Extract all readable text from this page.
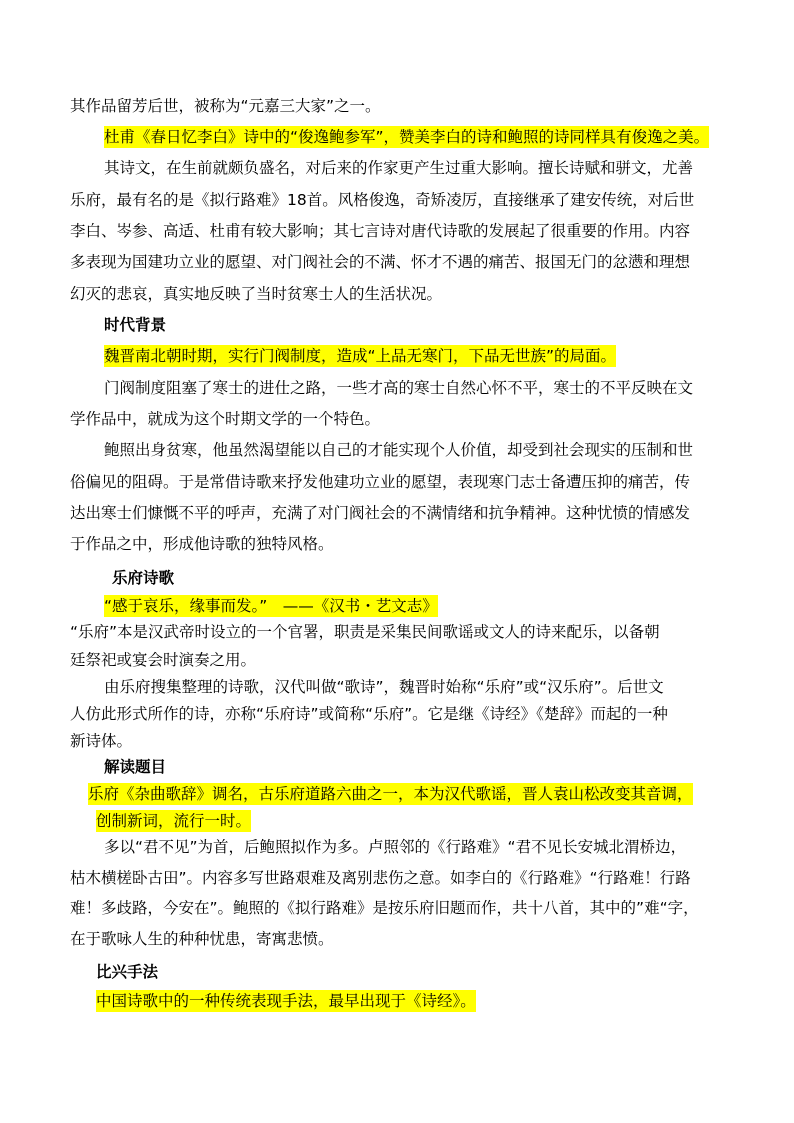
其作品留芳后世，被称为“元嘉三大家”之一。
杜甫《春日忆李白》诗中的“俊逸鲍参军”，赞美李白的诗和鲍照的诗同样具有俊逸之美。
其诗文，在生前就颇负盛名，对后来的作家更产生过重大影响。擅长诗赋和骈文，尤善
乐府，最有名的是《拟行路难》18首。风格俊逸，奇矫凌厉，直接继承了建安传统，对后世
李白、岑参、高适、杜甫有较大影响；其七言诗对唐代诗歌的发展起了很重要的作用。内容
多表现为国建功立业的愿望、对门阀社会的不满、怀才不遇的痛苦、报国无门的忿懑和理想
幻灭的悲哀，真实地反映了当时贫寒士人的生活状况。
时代背景
魏晋南北朝时期，实行门阀制度，造成“上品无寒门，下品无世族”的局面。
门阀制度阻塞了寒士的进仕之路，一些才高的寒士自然心怀不平，寒士的不平反映在文
学作品中，就成为这个时期文学的一个特色。
鲍照出身贫寒，他虽然渴望能以自己的才能实现个人价值，却受到社会现实的压制和世
俗偏见的阻碍。于是常借诗歌来抒发他建功立业的愿望，表现寒门志士备遭压抑的痛苦，传
达出寒士们慷慨不平的呼声，充满了对门阀社会的不满情绪和抗争精神。这种忧愤的情感发
于作品之中，形成他诗歌的独特风格。
乐府诗歌
“感于哀乐，缘事而发。”　——《汉书・艺文志》
“乐府”本是汉武帝时设立的一个官署，职责是采集民间歌谣或文人的诗来配乐，以备朝
廷祭祀或宴会时演奏之用。
由乐府搜集整理的诗歌，汉代叫做“歌诗”，魏晋时始称“乐府”或“汉乐府”。后世文
人仿此形式所作的诗，亦称“乐府诗”或简称“乐府”。它是继《诗经》《楚辞》而起的一种
新诗体。
解读题目
乐府《杂曲歌辞》调名，古乐府道路六曲之一，本为汉代歌谣，晋人袁山松改变其音调，
创制新词，流行一时。
多以“君不见”为首，后鲍照拟作为多。卢照邻的《行路难》“君不见长安城北渭桥边，
枯木横槎卧古田”。内容多写世路艰难及离别悲伤之意。如李白的《行路难》“行路难！行路
难！多歧路，今安在”。鲍照的《拟行路难》是按乐府旧题而作，共十八首，其中的”难“字，
在于歌咏人生的种种忧患，寄寓悲愤。
比兴手法
中国诗歌中的一种传统表现手法，最早出现于《诗经》。
